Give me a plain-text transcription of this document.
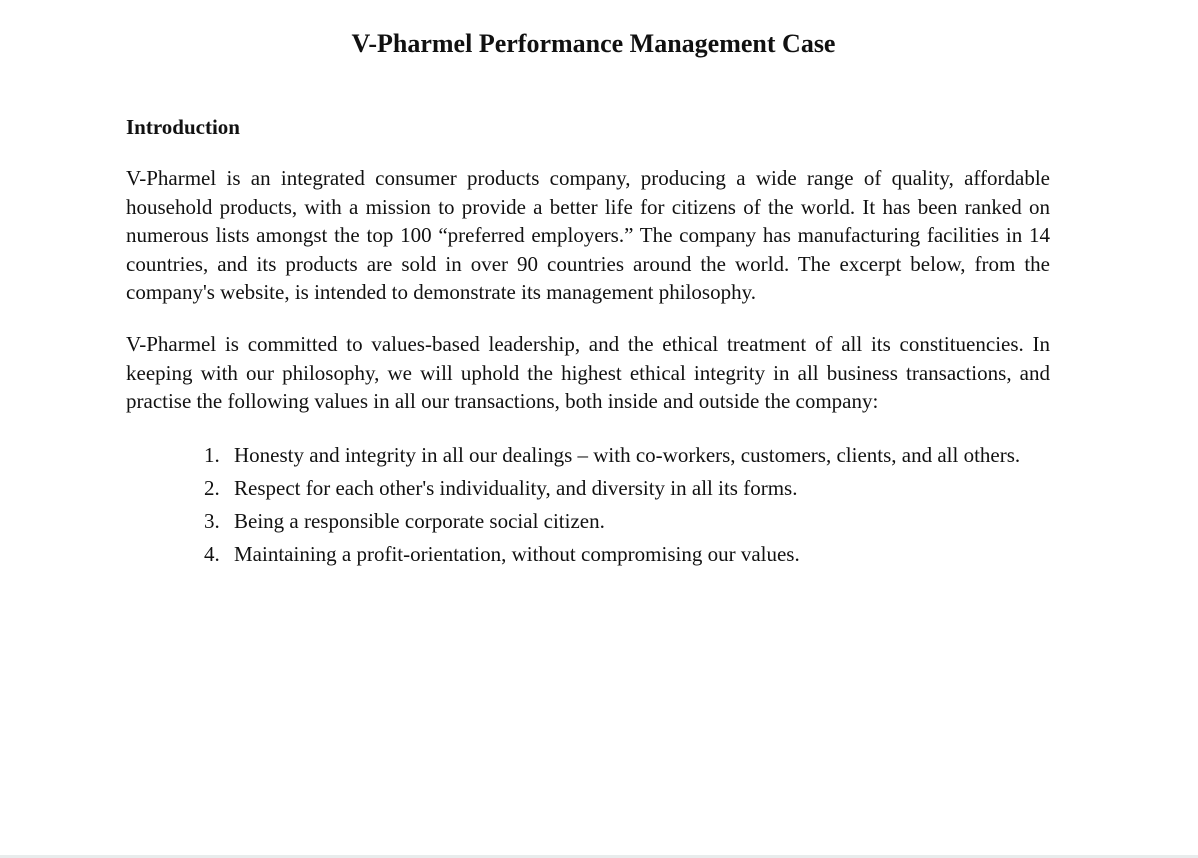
V-Pharmel Performance Management Case
Introduction

V-Pharmel is an integrated consumer products company, producing a wide range of quality, affordable household products, with a mission to provide a better life for citizens of the world. It has been ranked on numerous lists amongst the top 100 “preferred employers.” The company has manufacturing facilities in 14 countries, and its products are sold in over 90 countries around the world. The excerpt below, from the company's website, is intended to demonstrate its management philosophy.

V-Pharmel is committed to values-based leadership, and the ethical treatment of all its constituencies. In keeping with our philosophy, we will uphold the highest ethical integrity in all business transactions, and practise the following values in all our transactions, both inside and outside the company:

1. Honesty and integrity in all our dealings – with co-workers, customers, clients, and all others.
2. Respect for each other's individuality, and diversity in all its forms.
3. Being a responsible corporate social citizen.
4. Maintaining a profit-orientation, without compromising our values.
